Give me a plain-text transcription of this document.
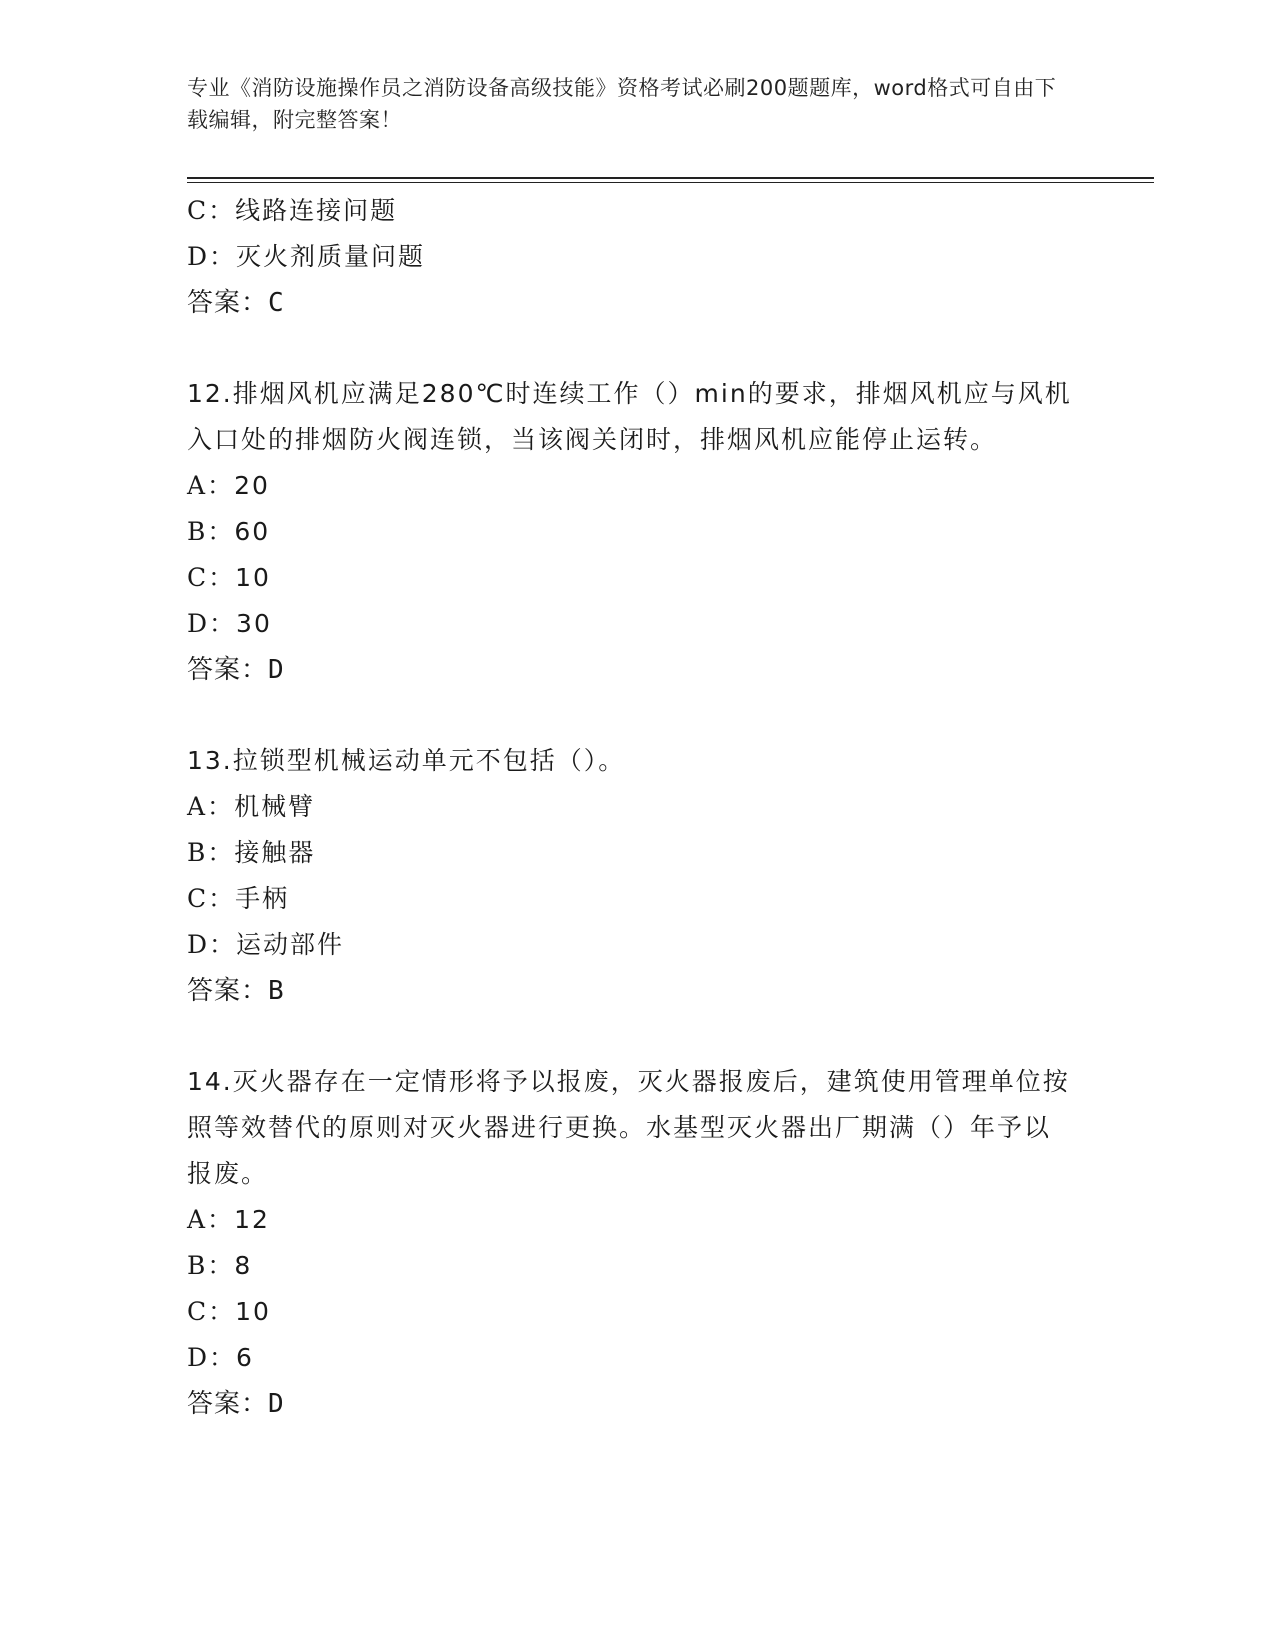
专业《消防设施操作员之消防设备高级技能》资格考试必刷200题题库，word格式可自由下载编辑，附完整答案！
C：线路连接问题
D：灭火剂质量问题
答案：C
12.排烟风机应满足280℃时连续工作（）min的要求，排烟风机应与风机入口处的排烟防火阀连锁，当该阀关闭时，排烟风机应能停止运转。
A：20
B：60
C：10
D：30
答案：D
13.拉锁型机械运动单元不包括（）。
A：机械臂
B：接触器
C：手柄
D：运动部件
答案：B
14.灭火器存在一定情形将予以报废，灭火器报废后，建筑使用管理单位按照等效替代的原则对灭火器进行更换。水基型灭火器出厂期满（）年予以报废。
A：12
B：8
C：10
D：6
答案：D
